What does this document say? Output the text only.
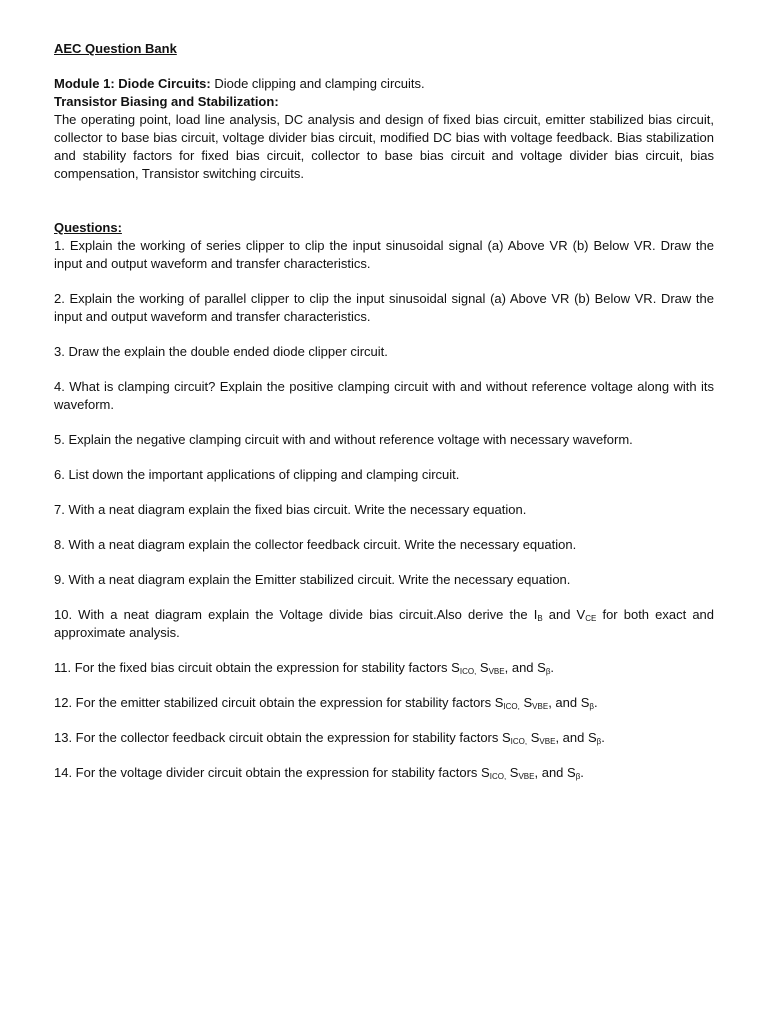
AEC Question Bank

Module 1: Diode Circuits: Diode clipping and clamping circuits.

Transistor Biasing and Stabilization:

The operating point, load line analysis, DC analysis and design of fixed bias circuit, emitter stabilized bias circuit, collector to base bias circuit, voltage divider bias circuit, modified DC bias with voltage feedback. Bias stabilization and stability factors for fixed bias circuit, collector to base bias circuit and voltage divider bias circuit, bias compensation, Transistor switching circuits.

Questions:

1. Explain the working of series clipper to clip the input sinusoidal signal (a) Above VR (b) Below VR. Draw the input and output waveform and transfer characteristics.

2. Explain the working of parallel clipper to clip the input sinusoidal signal (a) Above VR (b) Below VR. Draw the input and output waveform and transfer characteristics.

3. Draw the explain the double ended diode clipper circuit.

4. What is clamping circuit? Explain the positive clamping circuit with and without reference voltage along with its waveform.

5. Explain the negative clamping circuit with and without reference voltage with necessary waveform.

6. List down the important applications of clipping and clamping circuit.

7. With a neat diagram explain the fixed bias circuit. Write the necessary equation.

8. With a neat diagram explain the collector feedback circuit. Write the necessary equation.

9. With a neat diagram explain the Emitter stabilized circuit. Write the necessary equation.

10. With a neat diagram explain the Voltage divide bias circuit.Also derive the $I_B$ and $V_{CE}$ for both exact and approximate analysis.

11. For the fixed bias circuit obtain the expression for stability factors $S_{ICO,}$ $S_{VBE}$, and $S_\beta$.

12. For the emitter stabilized circuit obtain the expression for stability factors $S_{ICO,}$ $S_{VBE}$, and $S_\beta$.

13. For the collector feedback circuit obtain the expression for stability factors $S_{ICO,}$ $S_{VBE}$, and $S_\beta$.

14. For the voltage divider circuit obtain the expression for stability factors $S_{ICO,}$ $S_{VBE}$, and $S_\beta$.
